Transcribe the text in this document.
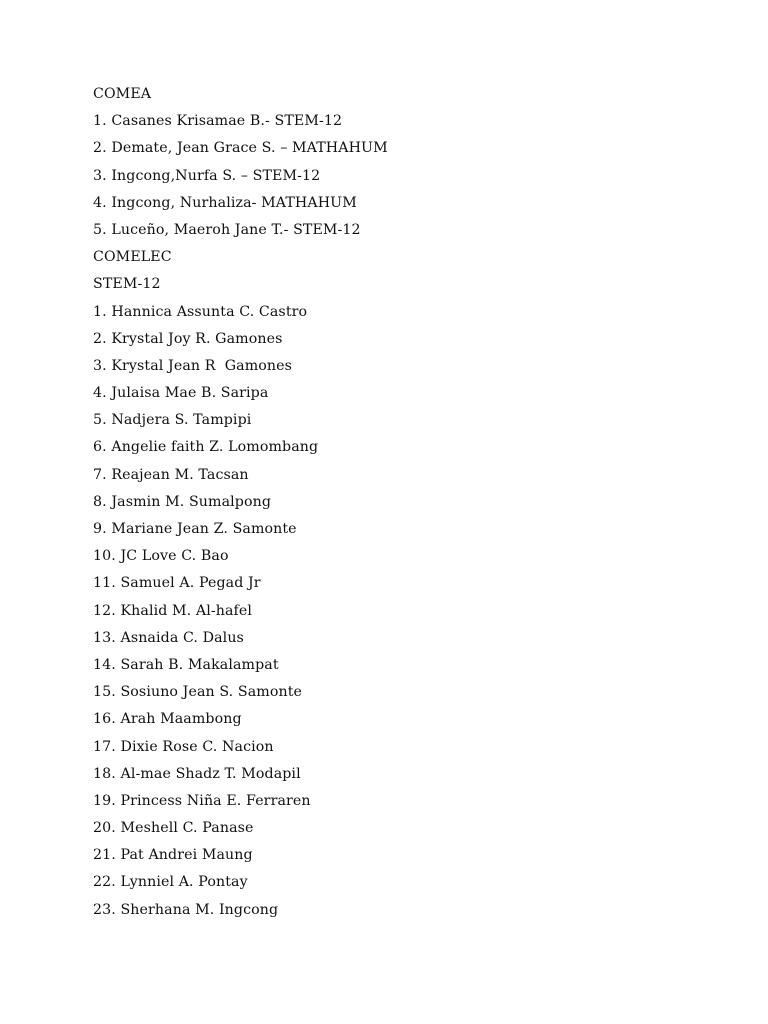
COMEA
1. Casanes Krisamae B.- STEM-12
2. Demate, Jean Grace S. – MATHAHUM
3. Ingcong,Nurfa S. – STEM-12
4. Ingcong, Nurhaliza- MATHAHUM
5. Luceño, Maeroh Jane T.- STEM-12
COMELEC
STEM-12
1. Hannica Assunta C. Castro
2. Krystal Joy R. Gamones
3. Krystal Jean R  Gamones
4. Julaisa Mae B. Saripa
5. Nadjera S. Tampipi
6. Angelie faith Z. Lomombang
7. Reajean M. Tacsan
8. Jasmin M. Sumalpong
9. Mariane Jean Z. Samonte
10. JC Love C. Bao
11. Samuel A. Pegad Jr
12. Khalid M. Al-hafel
13. Asnaida C. Dalus
14. Sarah B. Makalampat
15. Sosiuno Jean S. Samonte
16. Arah Maambong
17. Dixie Rose C. Nacion
18. Al-mae Shadz T. Modapil
19. Princess Niña E. Ferraren
20. Meshell C. Panase
21. Pat Andrei Maung
22. Lynniel A. Pontay
23. Sherhana M. Ingcong
